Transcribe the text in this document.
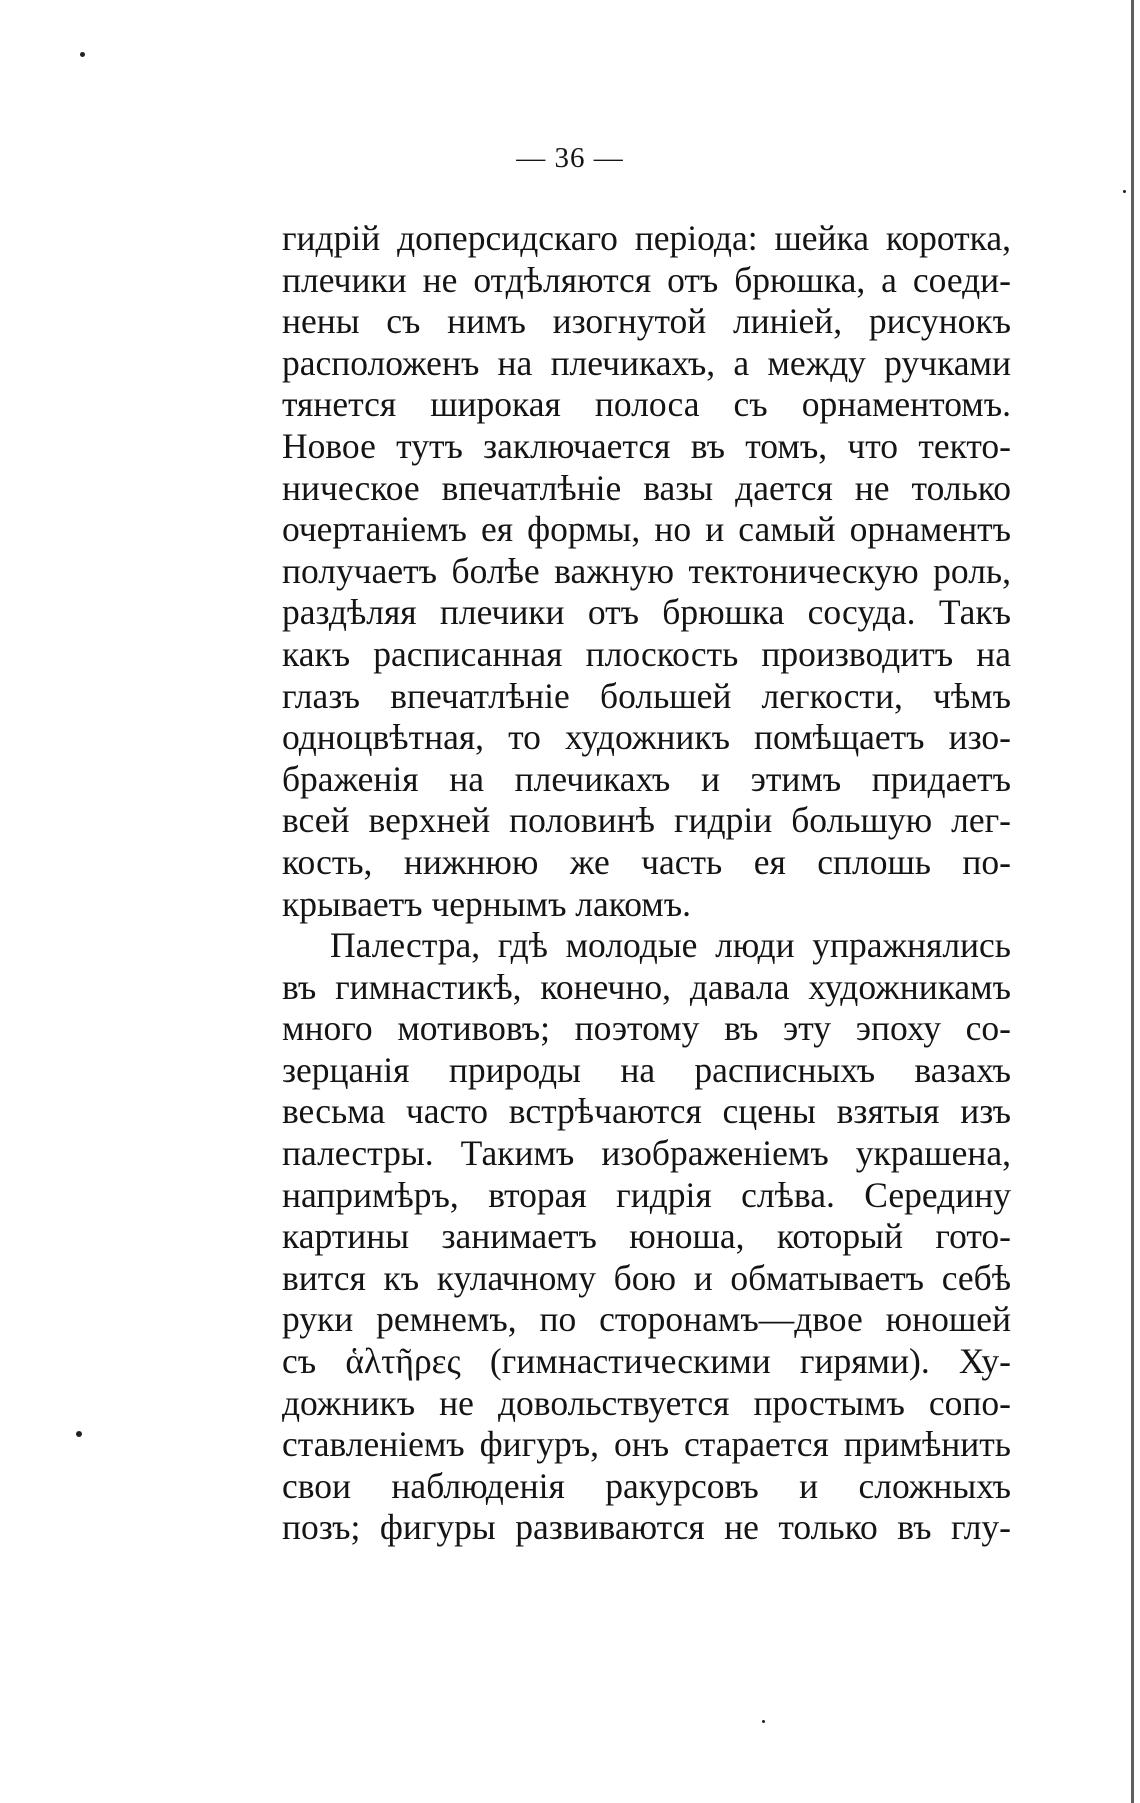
— 36 —
гидрій доперсидскаго періода: шейка коротка,
плечики не отдѣляются отъ брюшка, а соеди-
нены съ нимъ изогнутой линіей, рисунокъ
расположенъ на плечикахъ, а между ручками
тянется широкая полоса съ орнаментомъ.
Новое тутъ заключается въ томъ, что текто-
ническое впечатлѣніе вазы дается не только
очертаніемъ ея формы, но и самый орнаментъ
получаетъ болѣе важную тектоническую роль,
раздѣляя плечики отъ брюшка сосуда. Такъ
какъ расписанная плоскость производитъ на
глазъ впечатлѣніе большей легкости, чѣмъ
одноцвѣтная, то художникъ помѣщаетъ изо-
браженія на плечикахъ и этимъ придаетъ
всей верхней половинѣ гидріи большую лег-
кость, нижнюю же часть ея сплошь по-
крываетъ чернымъ лакомъ.
Палестра, гдѣ молодые люди упражнялись
въ гимнастикѣ, конечно, давала художникамъ
много мотивовъ; поэтому въ эту эпоху со-
зерцанія природы на расписныхъ вазахъ
весьма часто встрѣчаются сцены взятыя изъ
палестры. Такимъ изображеніемъ украшена,
напримѣръ, вторая гидрія слѣва. Середину
картины занимаетъ юноша, который гото-
вится къ кулачному бою и обматываетъ себѣ
руки ремнемъ, по сторонамъ—двое юношей
съ ἁλτῆρες (гимнастическими гирями). Ху-
дожникъ не довольствуется простымъ сопо-
ставленіемъ фигуръ, онъ старается примѣнить
свои наблюденія ракурсовъ и сложныхъ
позъ; фигуры развиваются не только въ глу-
